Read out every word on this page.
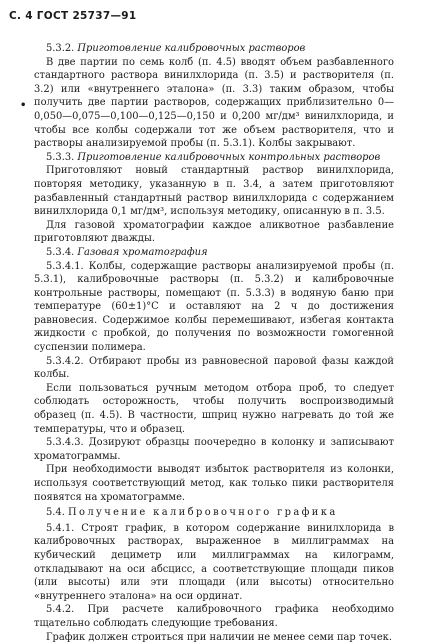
С. 4 ГОСТ 25737—91
•

5.3.2. Приготовление калибровочных растворов

В две партии по семь колб (п. 4.5) вводят объем разбавленного стандартного раствора винилхлорида (п. 3.5) и растворителя (п. 3.2) или «внутреннего эталона» (п. 3.3) таким образом, чтобы получить две партии растворов, содержащих приблизительно 0—0,050—0,075—0,100—0,125—0,150 и 0,200 мг/дм³ винилхлорида, и чтобы все колбы содержали тот же объем растворителя, что и растворы анализируемой пробы (п. 5.3.1). Колбы закрывают.

5.3.3. Приготовление калибровочных контрольных растворов

Приготовляют новый стандартный раствор винилхлорида, повторяя методику, указанную в п. 3.4, а затем приготовляют разбавленный стандартный раствор винилхлорида с содержанием винилхлорида 0,1 мг/дм³, используя методику, описанную в п. 3.5.

Для газовой хроматографии каждое аликвотное разбавление приготовляют дважды.

5.3.4. Газовая хроматография

5.3.4.1. Колбы, содержащие растворы анализируемой пробы (п. 5.3.1), калибровочные растворы (п. 5.3.2) и калибровочные контрольные растворы, помещают (п. 5.3.3) в водяную баню при температуре (60±1)°С и оставляют на 2 ч до достижения равновесия. Содержимое колбы перемешивают, избегая контакта жидкости с пробкой, до получения по возможности гомогенной суспензии полимера.

5.3.4.2. Отбирают пробы из равновесной паровой фазы каждой колбы.

Если пользоваться ручным методом отбора проб, то следует соблюдать осторожность, чтобы получить воспроизводимый образец (п. 4.5). В частности, шприц нужно нагревать до той же температуры, что и образец.

5.3.4.3. Дозируют образцы поочередно в колонку и записывают хроматограммы.

При необходимости выводят избыток растворителя из колонки, используя соответствующий метод, как только пики растворителя появятся на хроматограмме.

5.4. Получение калибровочного графика

5.4.1. Строят график, в котором содержание винилхлорида в калибровочных растворах, выраженное в миллиграммах на кубический дециметр или миллиграммах на килограмм, откладывают на оси абсцисс, а соответствующие площади пиков (или высоты) или эти площади (или высоты) относительно «внутреннего эталона» на оси ординат.

5.4.2. При расчете калибровочного графика необходимо тщательно соблюдать следующие требования.

График должен строиться при наличии не менее семи пар точек.
